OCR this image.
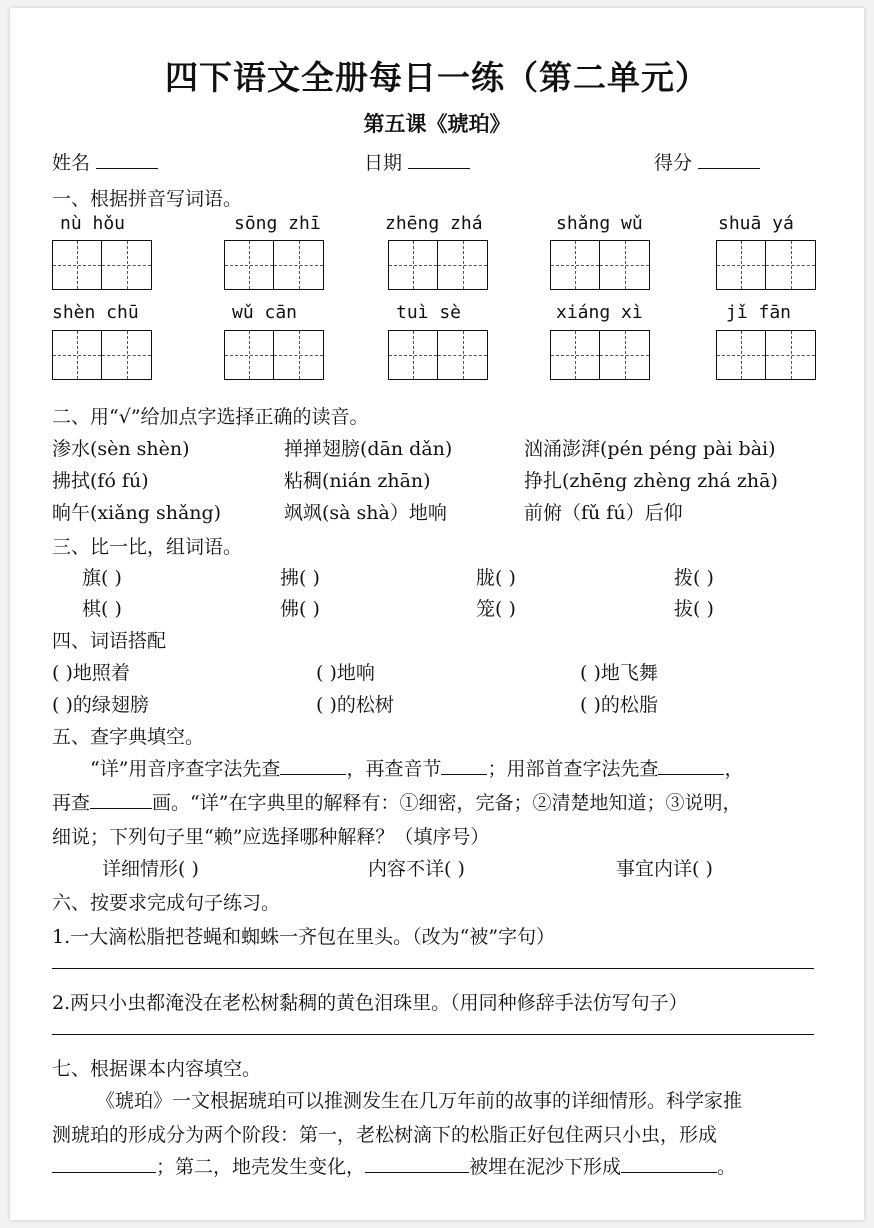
四下语文全册每日一练（第二单元）
第五课《琥珀》
姓名	日期	得分
一、根据拼音写词语。
nù hǒu	sōng zhī	zhēng zhá	shǎng wǔ	shuā yá
shèn chū	wǔ cān	tuì sè	xiáng xì	jǐ fān
二、用“√”给加点字选择正确的读音。
渗水(sèn shèn)	掸掸翅膀(dān dǎn)	汹涌澎湃(pén péng pài bài)
拂拭(fó fú)	粘稠(nián zhān)	挣扎(zhēng zhèng zhá zhā)
晌午(xiǎng shǎng)	飒飒(sà shà）地响	前俯（fǔ fú）后仰
三、比一比，组词语。
旗( )	拂( )	胧( )	拨( )
棋( )	佛( )	笼( )	拔( )
四、词语搭配
( )地照着	( )地响	( )地飞舞
( )的绿翅膀	( )的松树	( )的松脂
五、查字典填空。
“详”用音序查字法先查	，再查音节 ；用部首查字法先查	，
再查	画。“详”在字典里的解释有：①细密，完备；②清楚地知道；③说明，
细说；下列句子里“赖”应选择哪种解释？（填序号）
详细情形( )	内容不详( )	事宜内详( )
六、按要求完成句子练习。
1.一大滴松脂把苍蝇和蜘蛛一齐包在里头。（改为“被”字句）
2.两只小虫都淹没在老松树黏稠的黄色泪珠里。（用同种修辞手法仿写句子）
七、根据课本内容填空。
《琥珀》一文根据琥珀可以推测发生在几万年前的故事的详细情形。科学家推
测琥珀的形成分为两个阶段：第一，老松树滴下的松脂正好包住两只小虫，形成
；第二，地壳发生变化，	被埋在泥沙下形成	。
